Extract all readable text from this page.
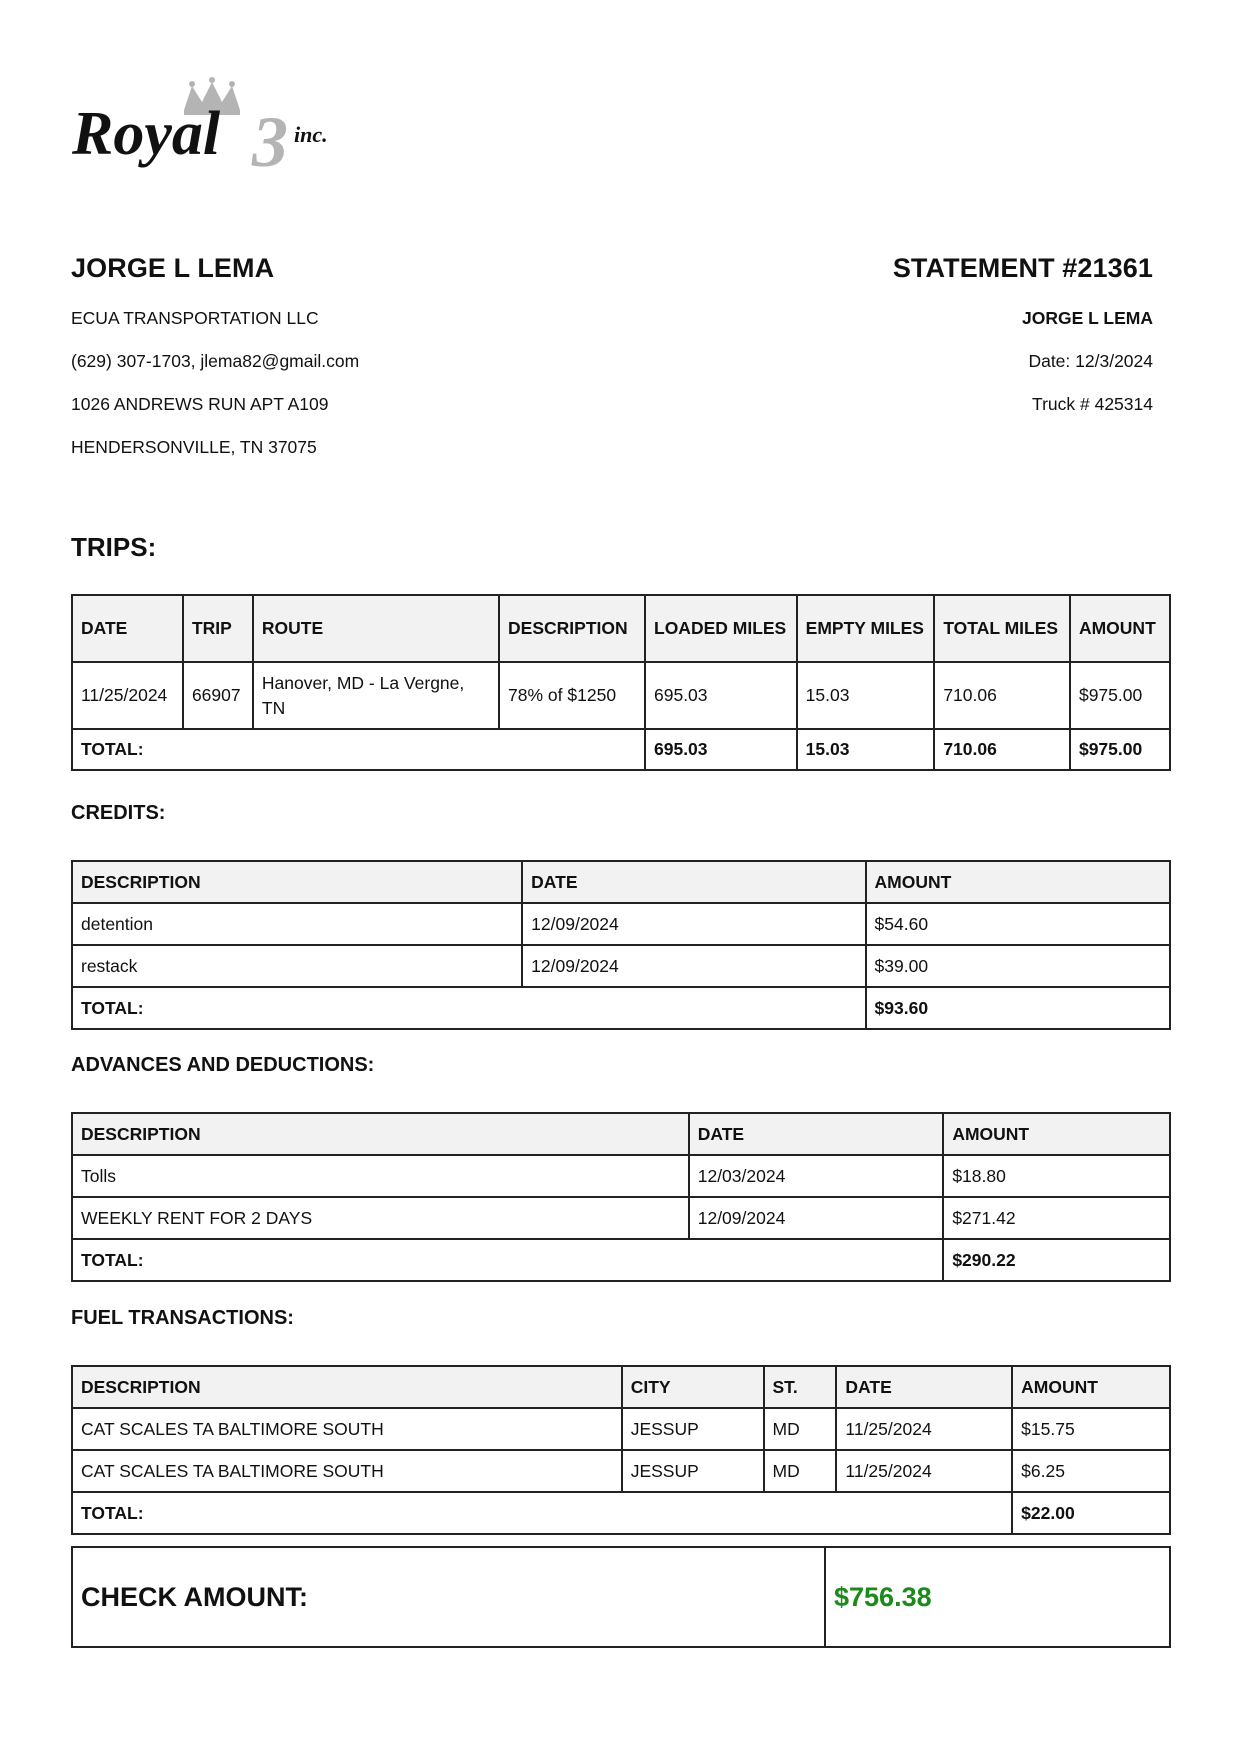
Royal 3 inc.
JORGE L LEMA
ECUA TRANSPORTATION LLC
(629) 307-1703, jlema82@gmail.com
1026 ANDREWS RUN APT A109
HENDERSONVILLE, TN 37075
STATEMENT #21361
JORGE L LEMA
Date: 12/3/2024
Truck # 425314
TRIPS:
DATE	TRIP	ROUTE	DESCRIPTION	LOADED MILES	EMPTY MILES	TOTAL MILES	AMOUNT
11/25/2024	66907	Hanover, MD - La Vergne, TN	78% of $1250	695.03	15.03	710.06	$975.00
TOTAL:				695.03	15.03	710.06	$975.00
CREDITS:
DESCRIPTION	DATE	AMOUNT
detention	12/09/2024	$54.60
restack	12/09/2024	$39.00
TOTAL:		$93.60
ADVANCES AND DEDUCTIONS:
DESCRIPTION	DATE	AMOUNT
Tolls	12/03/2024	$18.80
WEEKLY RENT FOR 2 DAYS	12/09/2024	$271.42
TOTAL:		$290.22
FUEL TRANSACTIONS:
DESCRIPTION	CITY	ST.	DATE	AMOUNT
CAT SCALES TA BALTIMORE SOUTH	JESSUP	MD	11/25/2024	$15.75
CAT SCALES TA BALTIMORE SOUTH	JESSUP	MD	11/25/2024	$6.25
TOTAL:				$22.00
CHECK AMOUNT:	$756.38
